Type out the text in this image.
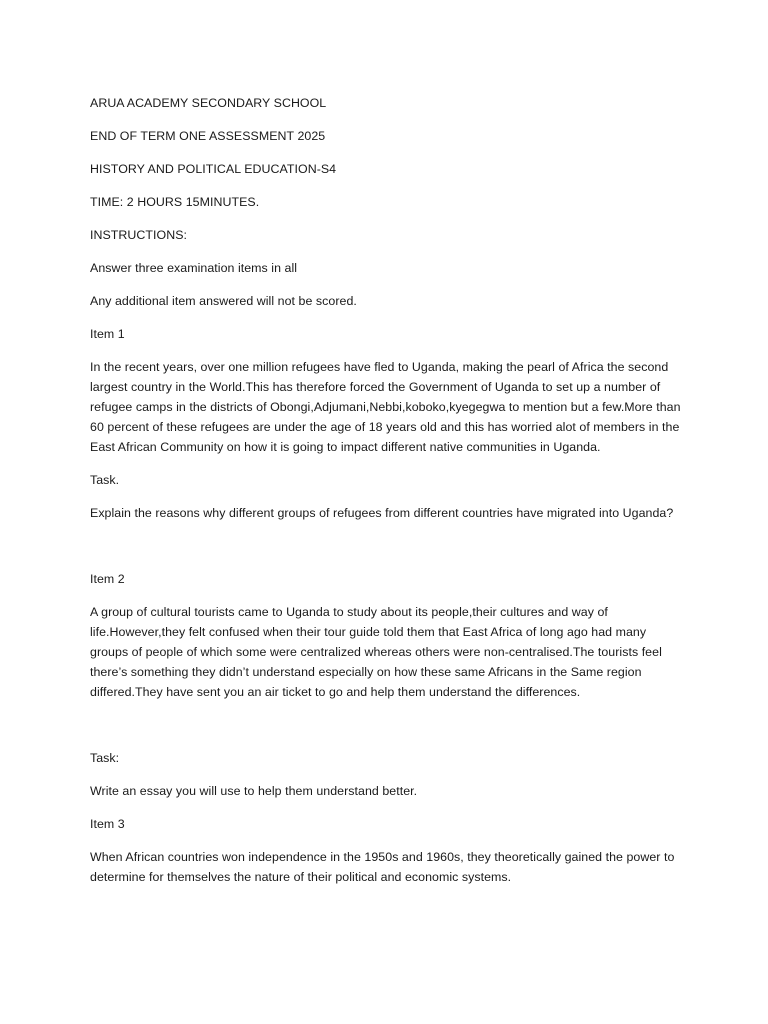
ARUA ACADEMY SECONDARY SCHOOL

END OF TERM ONE ASSESSMENT 2025

HISTORY AND POLITICAL EDUCATION-S4

TIME: 2 HOURS 15MINUTES.

INSTRUCTIONS:

Answer three examination items in all

Any additional item answered will not be scored.

Item 1

In the recent years, over one million refugees have fled to Uganda, making the pearl of Africa the second largest country in the World.This has therefore forced the Government of Uganda to set up a number of refugee camps in the districts of Obongi,Adjumani,Nebbi,koboko,kyegegwa to mention but a few.More than 60 percent of these refugees are under the age of 18 years old and this has worried alot of members in the East African Community on how it is going to impact different native communities in Uganda.

Task.

Explain the reasons why different groups of refugees from different countries have migrated into Uganda?

Item 2

A group of cultural tourists came to Uganda to study about its people,their cultures and way of life.However,they felt confused when their tour guide told them that East Africa of long ago had many groups of people of which some were centralized whereas others were non-centralised.The tourists feel there’s something they didn’t understand especially on how these same Africans in the Same region differed.They have sent you an air ticket to go and help them understand the differences.

Task:

Write an essay you will use to help them understand better.

Item 3

When African countries won independence in the 1950s and 1960s, they theoretically gained the power to determine for themselves the nature of their political and economic systems.
